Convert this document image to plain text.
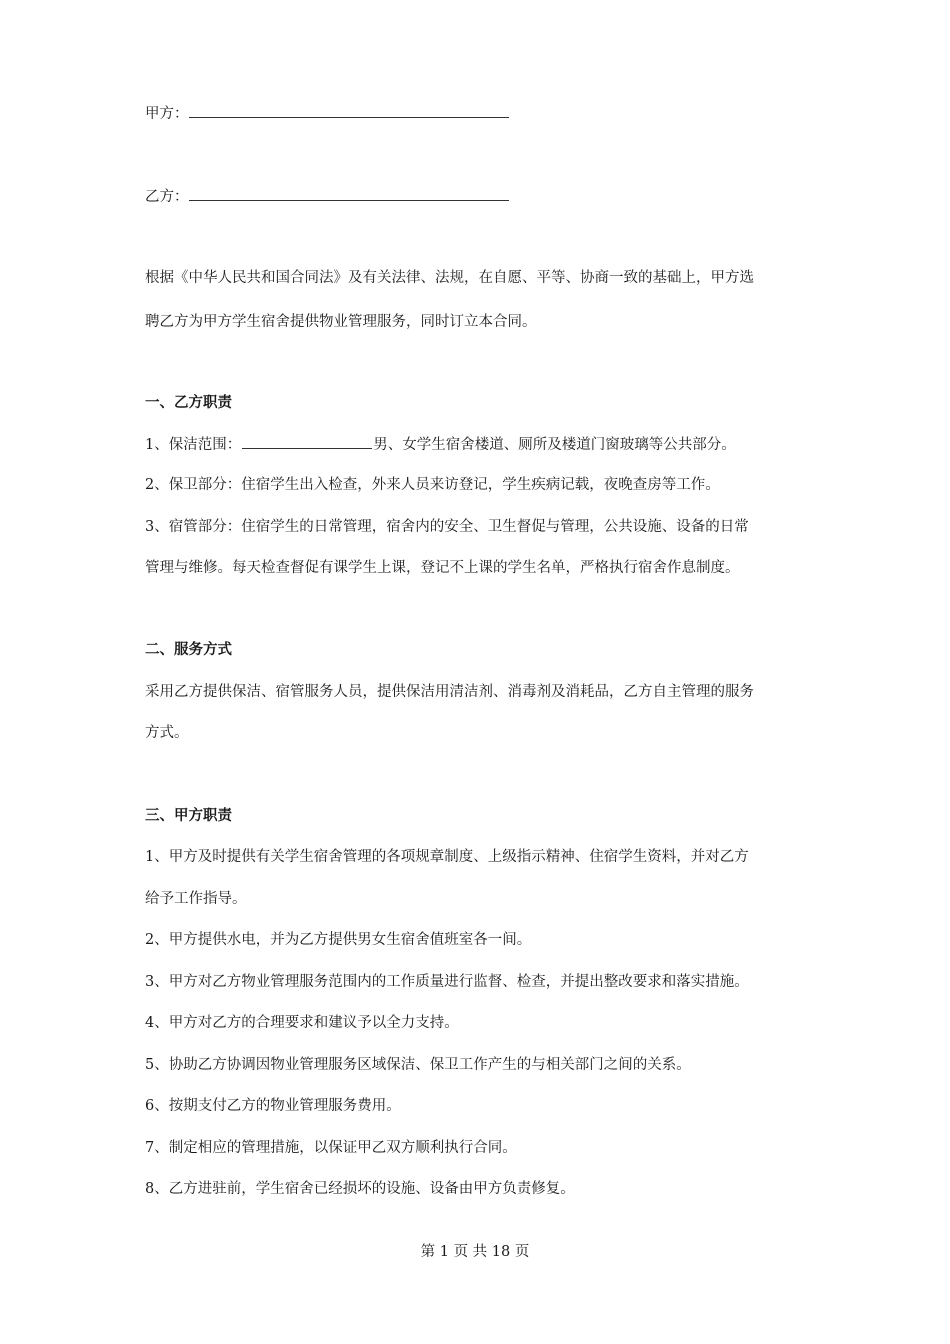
甲方：
乙方：
根据《中华人民共和国合同法》及有关法律、法规，在自愿、平等、协商一致的基础上，甲方选
聘乙方为甲方学生宿舍提供物业管理服务，同时订立本合同。
一、乙方职责
1、保洁范围：	男、女学生宿舍楼道、厕所及楼道门窗玻璃等公共部分。
2、保卫部分：住宿学生出入检查，外来人员来访登记，学生疾病记载，夜晚查房等工作。
3、宿管部分：住宿学生的日常管理，宿舍内的安全、卫生督促与管理，公共设施、设备的日常
管理与维修。每天检查督促有课学生上课，登记不上课的学生名单，严格执行宿舍作息制度。
二、服务方式
采用乙方提供保洁、宿管服务人员，提供保洁用清洁剂、消毒剂及消耗品，乙方自主管理的服务
方式。
三、甲方职责
1、甲方及时提供有关学生宿舍管理的各项规章制度、上级指示精神、住宿学生资料，并对乙方
给予工作指导。
2、甲方提供水电，并为乙方提供男女生宿舍值班室各一间。
3、甲方对乙方物业管理服务范围内的工作质量进行监督、检查，并提出整改要求和落实措施。
4、甲方对乙方的合理要求和建议予以全力支持。
5、协助乙方协调因物业管理服务区域保洁、保卫工作产生的与相关部门之间的关系。
6、按期支付乙方的物业管理服务费用。
7、制定相应的管理措施，以保证甲乙双方顺利执行合同。
8、乙方进驻前，学生宿舍已经损坏的设施、设备由甲方负责修复。
第 1 页 共 18 页
